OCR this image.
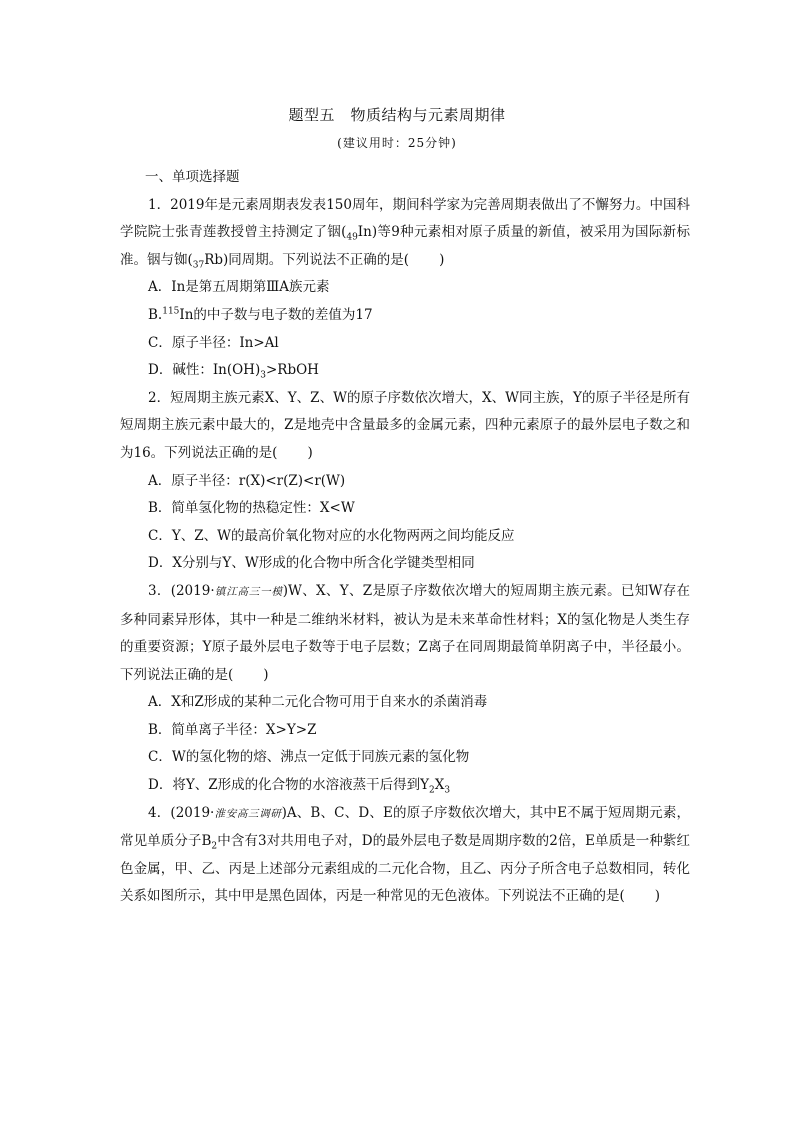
题型五　物质结构与元素周期律
(建议用时：25分钟)

一、单项选择题

1．2019年是元素周期表发表150周年，期间科学家为完善周期表做出了不懈努力。中国科学院院士张青莲教授曾主持测定了铟$(_{49}In)$等9种元素相对原子质量的新值，被采用为国际新标准。铟与铷$(_{37}Rb)$同周期。下列说法不正确的是( )

A．In是第五周期第ⅢA族元素

B.$^{115}$In的中子数与电子数的差值为17

C．原子半径：In>Al

D．碱性：$In(OH)_3>RbOH$

2．短周期主族元素X、Y、Z、W的原子序数依次增大，X、W同主族，Y的原子半径是所有短周期主族元素中最大的，Z是地壳中含量最多的金属元素，四种元素原子的最外层电子数之和为16。下列说法正确的是( )

A．原子半径：r(X)<r(Z)<r(W)

B．简单氢化物的热稳定性：X<W

C．Y、Z、W的最高价氧化物对应的水化物两两之间均能反应

D．X分别与Y、W形成的化合物中所含化学键类型相同

3．(2019·镇江高三一模)W、X、Y、Z是原子序数依次增大的短周期主族元素。已知W存在多种同素异形体，其中一种是二维纳米材料，被认为是未来革命性材料；X的氢化物是人类生存的重要资源；Y原子最外层电子数等于电子层数；Z离子在同周期最简单阴离子中，半径最小。下列说法正确的是( )

A．X和Z形成的某种二元化合物可用于自来水的杀菌消毒

B．简单离子半径：X>Y>Z

C．W的氢化物的熔、沸点一定低于同族元素的氢化物

D．将Y、Z形成的化合物的水溶液蒸干后得到$Y_2X_3$

4．(2019·淮安高三调研)A、B、C、D、E的原子序数依次增大，其中E不属于短周期元素，常见单质分子$B_2$中含有3对共用电子对，D的最外层电子数是周期序数的2倍，E单质是一种紫红色金属，甲、乙、丙是上述部分元素组成的二元化合物，且乙、丙分子所含电子总数相同，转化关系如图所示，其中甲是黑色固体，丙是一种常见的无色液体。下列说法不正确的是( )
